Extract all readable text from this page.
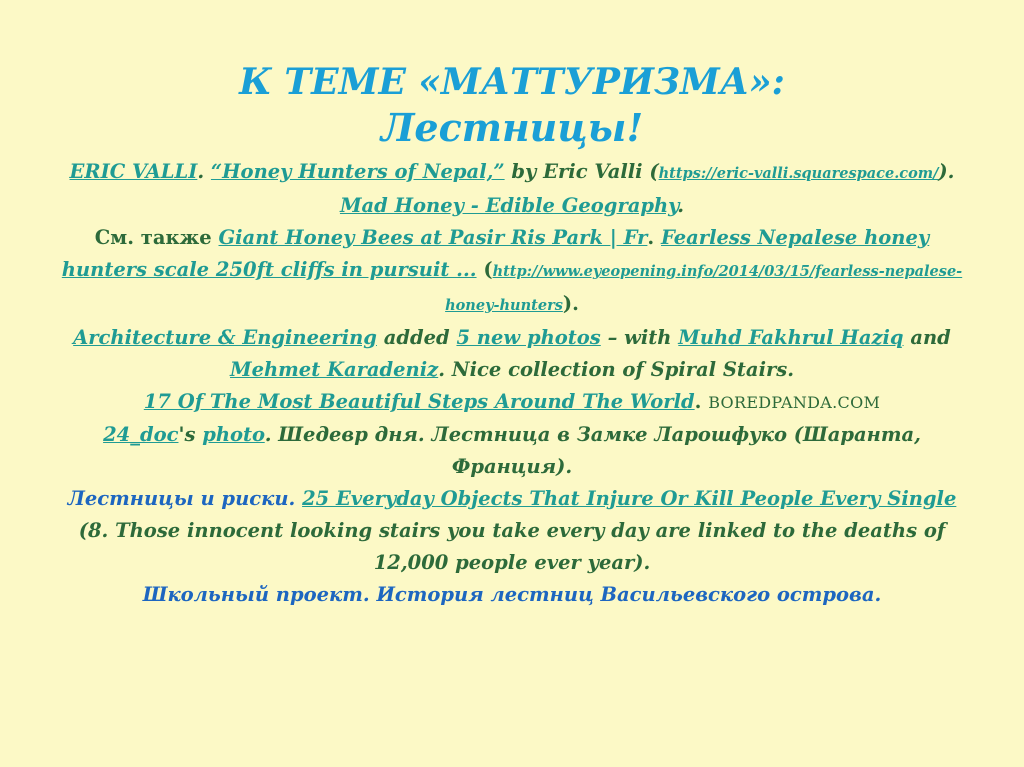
К ТЕМЕ «МАТТУРИЗМА»:
Лестницы!
ERIC VALLI. “Honey Hunters of Nepal,” by Eric Valli (https://eric-valli.squarespace.com/). Mad Honey - Edible Geography.
См. также Giant Honey Bees at Pasir Ris Park | Fr. Fearless Nepalese honey hunters scale 250ft cliffs in pursuit ... (http://www.eyeopening.info/2014/03/15/fearless-nepalese-honey-hunters).
Architecture & Engineering added 5 new photos – with Muhd Fakhrul Haziq and Mehmet Karadeniz. Nice collection of Spiral Stairs.
17 Of The Most Beautiful Steps Around The World. BOREDPANDA.COM
24_doc's photo. Шедевр дня. Лестница в Замке Ларошфуко (Шаранта, Франция).
Лестницы и риски. 25 Everyday Objects That Injure Or Kill People Every Single (8. Those innocent looking stairs you take every day are linked to the deaths of 12,000 people ever year).
Школьный проект. История лестниц Васильевского острова.
